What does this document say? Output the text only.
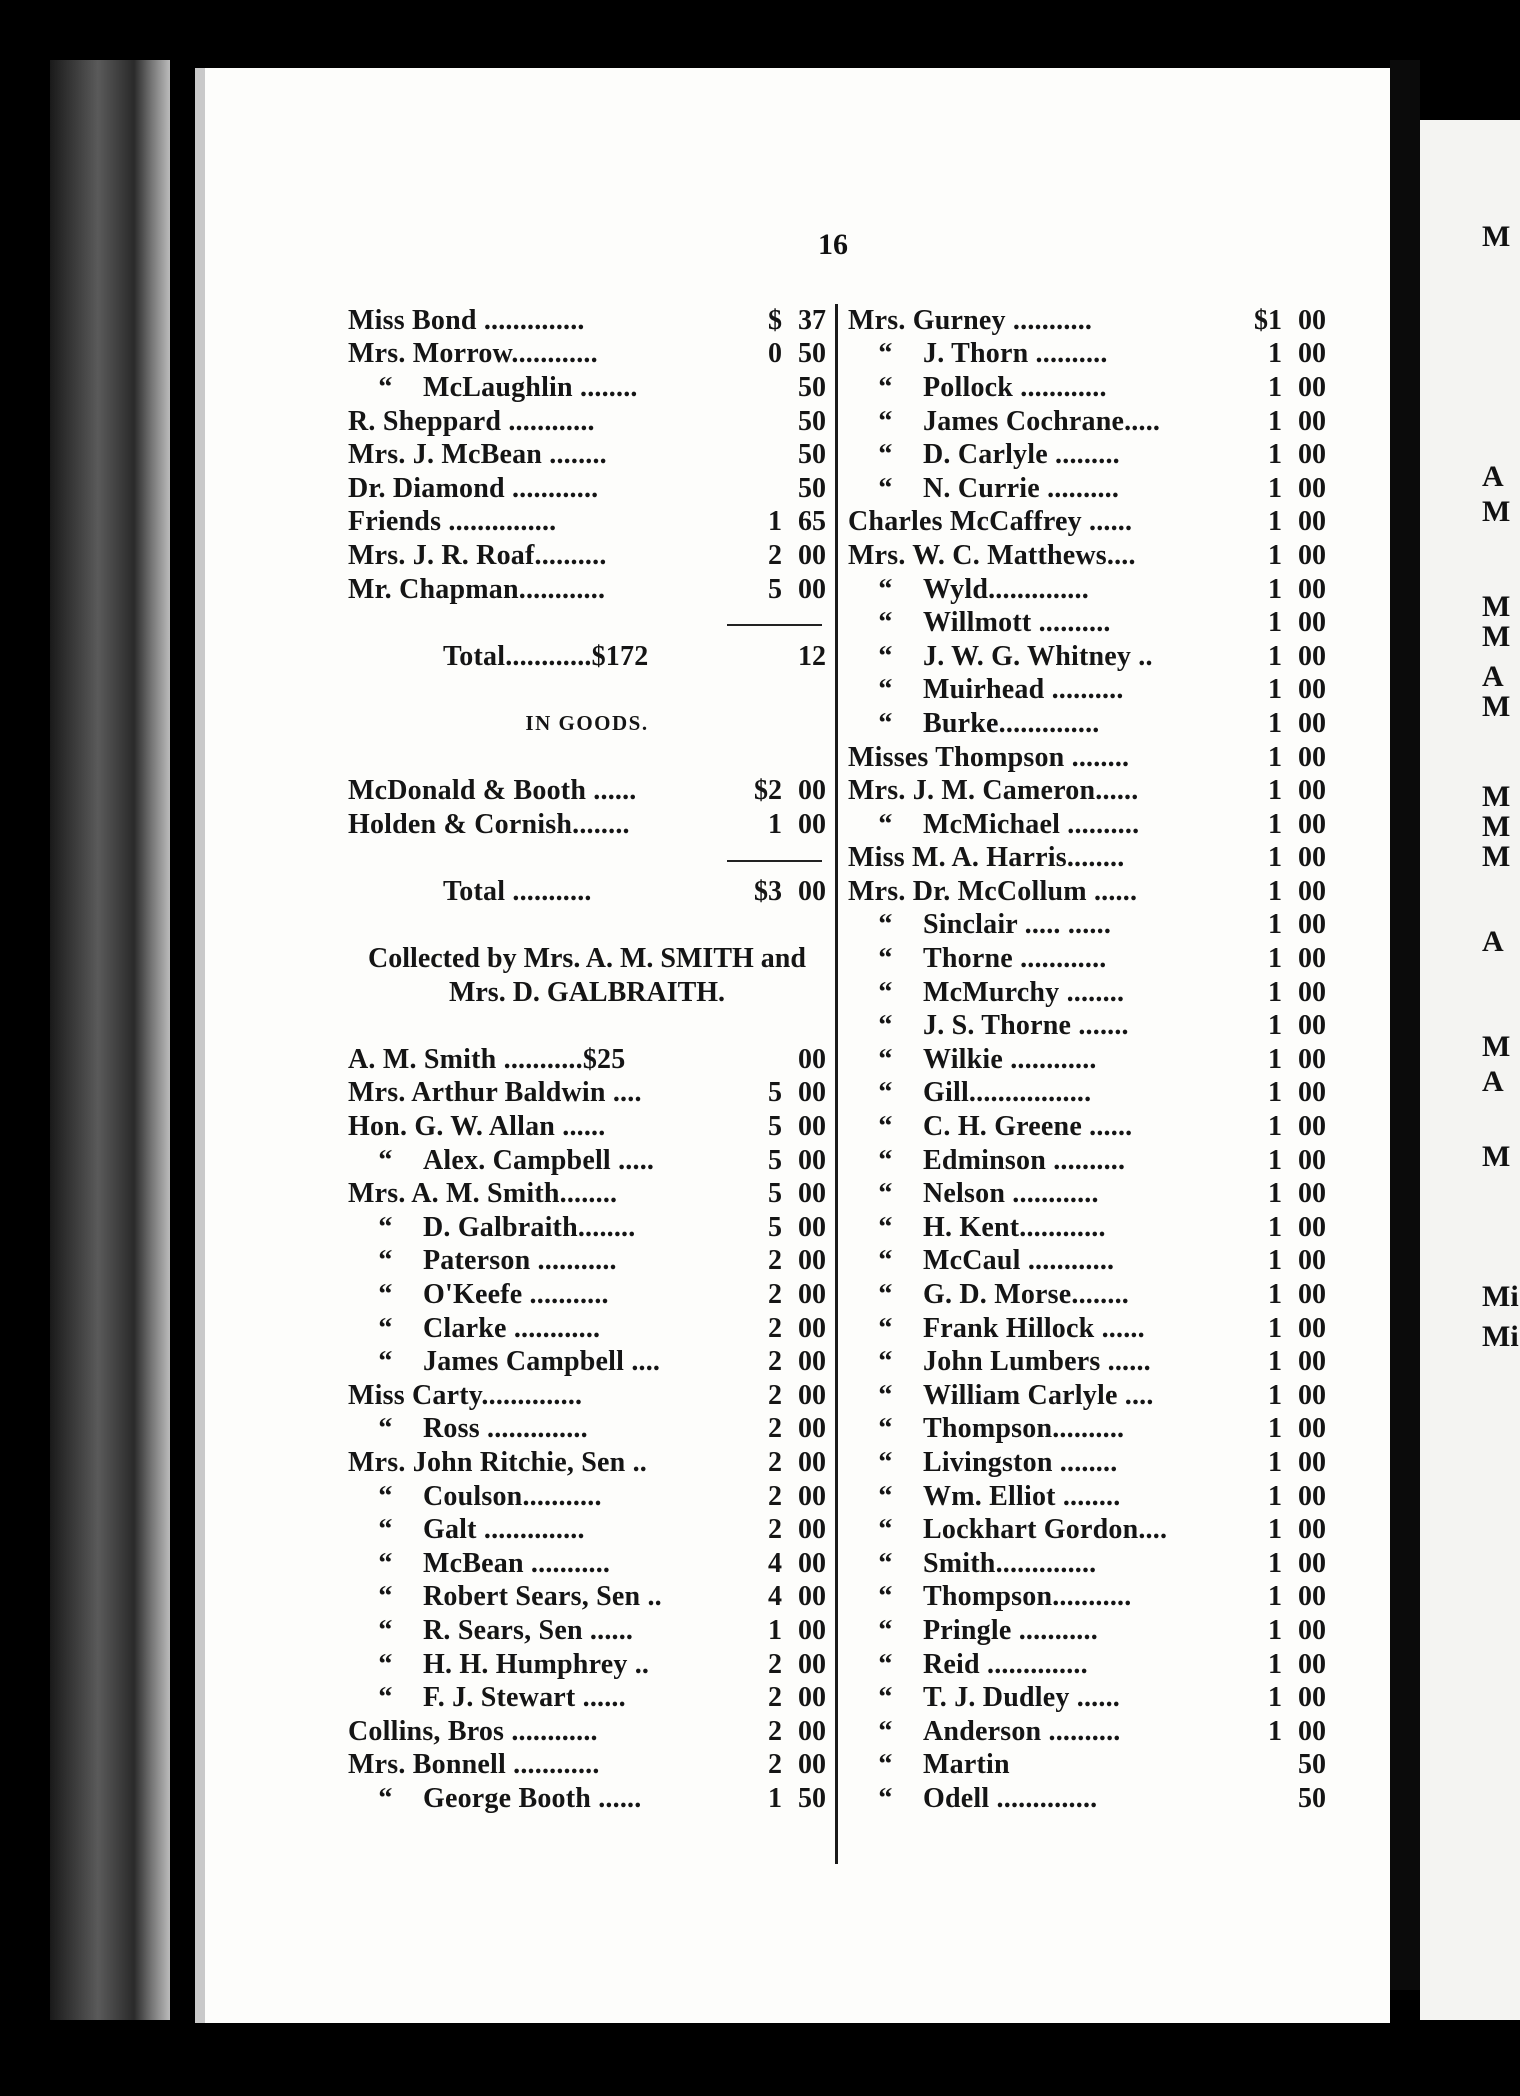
M
A
M
M
M
A
M
M
M
M
A
M
A
M
Mi
Mi
16
Miss Bond ..............	$ 37
Mrs. Morrow............	0 50
“ McLaughlin ........	50
R. Sheppard ............	50
Mrs. J. McBean ........	50
Dr. Diamond ............	50
Friends ...............	1 65
Mrs. J. R. Roaf..........	2 00
Mr. Chapman............	5 00
Total............$172	12
IN GOODS.
McDonald & Booth ......	$2 00
Holden & Cornish........	1 00
Total ...........	$3 00
Collected by Mrs. A. M. SMITH and
Mrs. D. GALBRAITH.
A. M. Smith ...........$25	00
Mrs. Arthur Baldwin ....	5 00
Hon. G. W. Allan ......	5 00
“ Alex. Campbell .....	5 00
Mrs. A. M. Smith........	5 00
“ D. Galbraith........	5 00
“ Paterson ...........	2 00
“ O'Keefe ...........	2 00
“ Clarke ............	2 00
“ James Campbell ....	2 00
Miss Carty..............	2 00
“ Ross ..............	2 00
Mrs. John Ritchie, Sen ..	2 00
“ Coulson...........	2 00
“ Galt ..............	2 00
“ McBean ...........	4 00
“ Robert Sears, Sen ..	4 00
“ R. Sears, Sen ......	1 00
“ H. H. Humphrey ..	2 00
“ F. J. Stewart ......	2 00
Collins, Bros ............	2 00
Mrs. Bonnell ............	2 00
“ George Booth ......	1 50
Mrs. Gurney ...........	$1 00
“ J. Thorn ..........	1 00
“ Pollock ............	1 00
“ James Cochrane.....	1 00
“ D. Carlyle .........	1 00
“ N. Currie ..........	1 00
Charles McCaffrey ......	1 00
Mrs. W. C. Matthews....	1 00
“ Wyld..............	1 00
“ Willmott ..........	1 00
“ J. W. G. Whitney ..	1 00
“ Muirhead ..........	1 00
“ Burke..............	1 00
Misses Thompson ........	1 00
Mrs. J. M. Cameron......	1 00
“ McMichael ..........	1 00
Miss M. A. Harris........	1 00
Mrs. Dr. McCollum ......	1 00
“ Sinclair ..... ......	1 00
“ Thorne ............	1 00
“ McMurchy ........	1 00
“ J. S. Thorne .......	1 00
“ Wilkie ............	1 00
“ Gill.................	1 00
“ C. H. Greene ......	1 00
“ Edminson ..........	1 00
“ Nelson ............	1 00
“ H. Kent............	1 00
“ McCaul ............	1 00
“ G. D. Morse........	1 00
“ Frank Hillock ......	1 00
“ John Lumbers ......	1 00
“ William Carlyle ....	1 00
“ Thompson..........	1 00
“ Livingston ........	1 00
“ Wm. Elliot ........	1 00
“ Lockhart Gordon....	1 00
“ Smith..............	1 00
“ Thompson...........	1 00
“ Pringle ...........	1 00
“ Reid ..............	1 00
“ T. J. Dudley ......	1 00
“ Anderson ..........	1 00
“ Martin	50
“ Odell ..............	50
